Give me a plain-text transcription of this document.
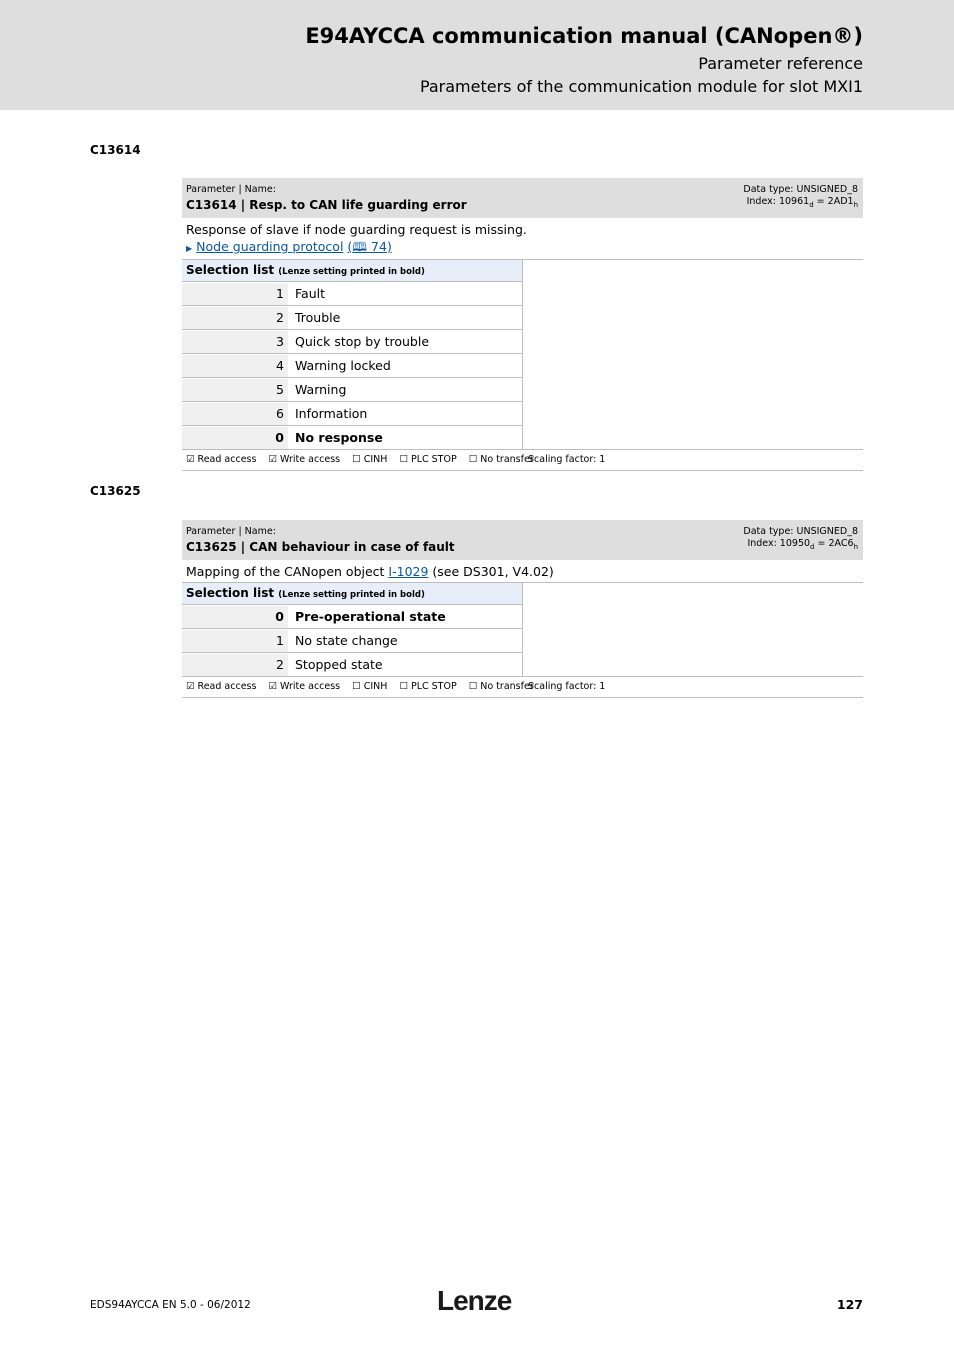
E94AYCCA communication manual (CANopen®)
Parameter reference
Parameters of the communication module for slot MXI1
C13614
Parameter | Name:
C13614 | Resp. to CAN life guarding error
Data type: UNSIGNED_8
Index: $10961_d = 2AD1_h$
Response of slave if node guarding request is missing.
▶ Node guarding protocol (🕮 74)
Selection list (Lenze setting printed in bold)
1 Fault
2 Trouble
3 Quick stop by trouble
4 Warning locked
5 Warning
6 Information
0 No response
☑ Read access ☑ Write access ☐ CINH ☐ PLC STOP ☐ No transfer
Scaling factor: 1
C13625
Parameter | Name:
C13625 | CAN behaviour in case of fault
Data type: UNSIGNED_8
Index: $10950_d = 2AC6_h$
Mapping of the CANopen object I-1029 (see DS301, V4.02)
Selection list (Lenze setting printed in bold)
0 Pre-operational state
1 No state change
2 Stopped state
☑ Read access ☑ Write access ☐ CINH ☐ PLC STOP ☐ No transfer
Scaling factor: 1
EDS94AYCCA EN 5.0 - 06/2012	Lenze	127
